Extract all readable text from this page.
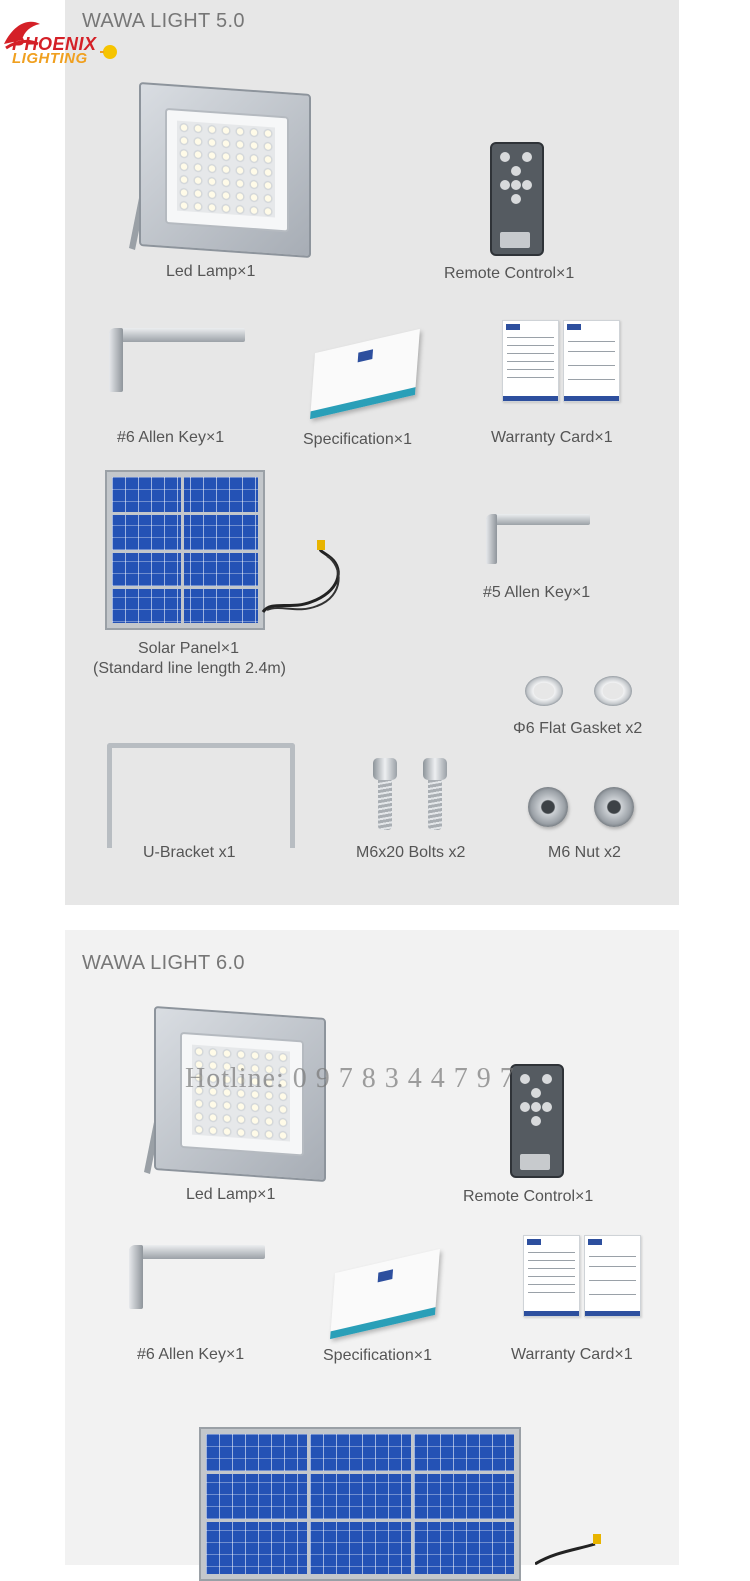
PHOENIX
LIGHTING
WAWA LIGHT 5.0
Led Lamp×1	Remote Control×1
#6 Allen Key×1	Specification×1	Warranty Card×1
Solar Panel×1
(Standard line length 2.4m)
#5 Allen Key×1
Φ6 Flat Gasket x2
U-Bracket x1	M6x20 Bolts x2	M6 Nut x2
WAWA LIGHT 6.0
Led Lamp×1	Remote Control×1
#6 Allen Key×1	Specification×1	Warranty Card×1
Hotline: 0 9 7 8 3 4 4 7 9 7
